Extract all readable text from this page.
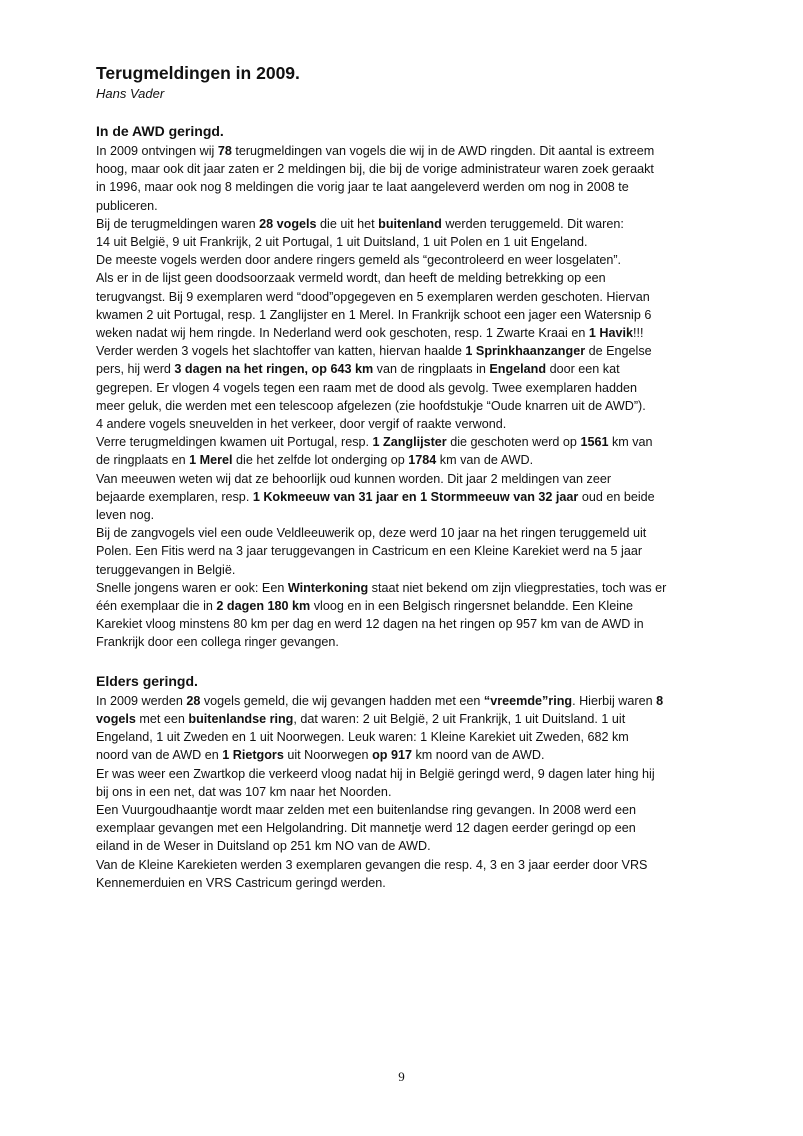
Terugmeldingen in 2009.
Hans Vader
In de AWD geringd.
In 2009 ontvingen wij 78 terugmeldingen van vogels die wij in de AWD ringden. Dit aantal is extreem
hoog, maar ook dit jaar zaten er 2 meldingen bij, die bij de vorige administrateur waren zoek geraakt
in 1996, maar ook nog 8 meldingen die vorig jaar te laat aangeleverd werden om nog in 2008 te
publiceren.
Bij de terugmeldingen waren 28 vogels die uit het buitenland werden teruggemeld. Dit waren:
14 uit België, 9 uit Frankrijk, 2 uit Portugal, 1 uit Duitsland, 1 uit Polen en 1 uit Engeland.
De meeste vogels werden door andere ringers gemeld als “gecontroleerd en weer losgelaten”.
Als er in de lijst geen doodsoorzaak vermeld wordt, dan heeft de melding betrekking op een
terugvangst. Bij 9 exemplaren werd “dood”opgegeven en 5 exemplaren werden geschoten. Hiervan
kwamen 2 uit Portugal, resp. 1 Zanglijster en 1 Merel. In Frankrijk schoot een jager een Watersnip 6
weken nadat wij hem ringde. In Nederland werd ook geschoten, resp. 1 Zwarte Kraai en 1 Havik!!!
Verder werden 3 vogels het slachtoffer van katten, hiervan haalde 1 Sprinkhaanzanger de Engelse
pers, hij werd 3 dagen na het ringen, op 643 km van de ringplaats in Engeland door een kat
gegrepen. Er vlogen 4 vogels tegen een raam met de dood als gevolg. Twee exemplaren hadden
meer geluk, die werden met een telescoop afgelezen (zie hoofdstukje “Oude knarren uit de AWD”).
4 andere vogels sneuvelden in het verkeer, door vergif of raakte verwond.
Verre terugmeldingen kwamen uit Portugal, resp. 1 Zanglijster die geschoten werd op 1561 km van
de ringplaats en 1 Merel die het zelfde lot onderging op 1784 km van de AWD.
Van meeuwen weten wij dat ze behoorlijk oud kunnen worden. Dit jaar 2 meldingen van zeer
bejaarde exemplaren, resp. 1 Kokmeeuw van 31 jaar en 1 Stormmeeuw van 32 jaar oud en beide
leven nog.
Bij de zangvogels viel een oude Veldleeuwerik op, deze werd 10 jaar na het ringen teruggemeld uit
Polen. Een Fitis werd na 3 jaar teruggevangen in Castricum en een Kleine Karekiet werd na 5 jaar
teruggevangen in België.
Snelle jongens waren er ook: Een Winterkoning staat niet bekend om zijn vliegprestaties, toch was er
één exemplaar die in 2 dagen 180 km vloog en in een Belgisch ringersnet belandde. Een Kleine
Karekiet vloog minstens 80 km per dag en werd 12 dagen na het ringen op 957 km van de AWD in
Frankrijk door een collega ringer gevangen.
Elders geringd.
In 2009 werden 28 vogels gemeld, die wij gevangen hadden met een “vreemde”ring. Hierbij waren 8
vogels met een buitenlandse ring, dat waren: 2 uit België, 2 uit Frankrijk, 1 uit Duitsland. 1 uit
Engeland, 1 uit Zweden en 1 uit Noorwegen. Leuk waren: 1 Kleine Karekiet uit Zweden, 682 km
noord van de AWD en 1 Rietgors uit Noorwegen op 917 km noord van de AWD.
Er was weer een Zwartkop die verkeerd vloog nadat hij in België geringd werd, 9 dagen later hing hij
bij ons in een net, dat was 107 km naar het Noorden.
Een Vuurgoudhaantje wordt maar zelden met een buitenlandse ring gevangen. In 2008 werd een
exemplaar gevangen met een Helgolandring. Dit mannetje werd 12 dagen eerder geringd op een
eiland in de Weser in Duitsland op 251 km NO van de AWD.
Van de Kleine Karekieten werden 3 exemplaren gevangen die resp. 4, 3 en 3 jaar eerder door VRS
Kennemerduien en VRS Castricum geringd werden.
9
